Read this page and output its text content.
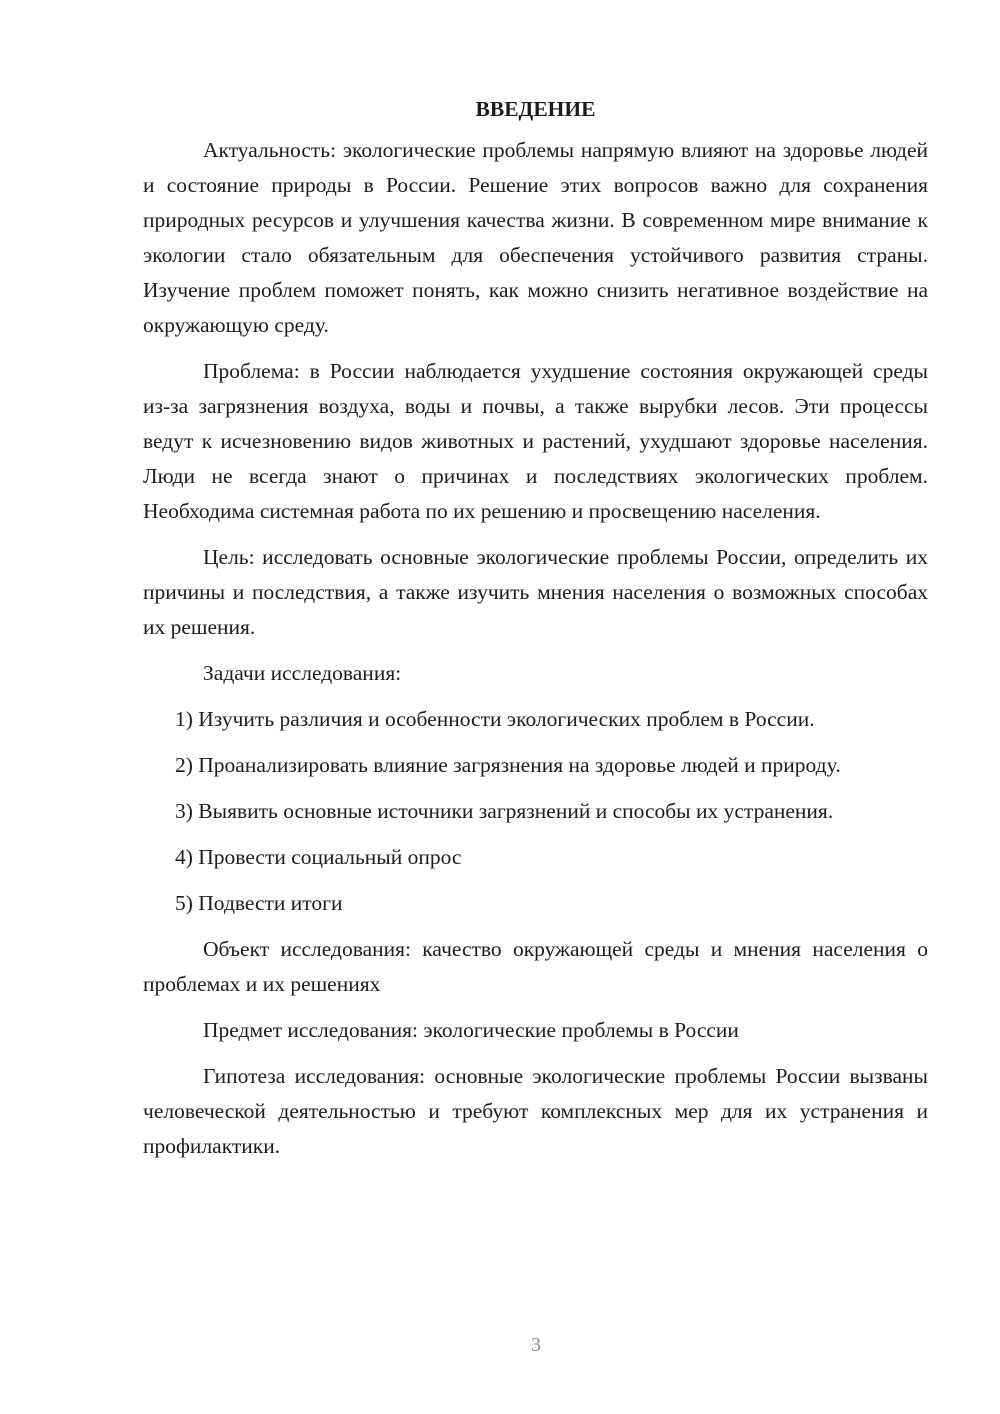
ВВЕДЕНИЕ

Актуальность: экологические проблемы напрямую влияют на здоровье людей и состояние природы в России. Решение этих вопросов важно для сохранения природных ресурсов и улучшения качества жизни. В современном мире внимание к экологии стало обязательным для обеспечения устойчивого развития страны. Изучение проблем поможет понять, как можно снизить негативное воздействие на окружающую среду.

Проблема: в России наблюдается ухудшение состояния окружающей среды из-за загрязнения воздуха, воды и почвы, а также вырубки лесов. Эти процессы ведут к исчезновению видов животных и растений, ухудшают здоровье населения. Люди не всегда знают о причинах и последствиях экологических проблем. Необходима системная работа по их решению и просвещению населения.

Цель: исследовать основные экологические проблемы России, определить их причины и последствия, а также изучить мнения населения о возможных способах их решения.

Задачи исследования:

1) Изучить различия и особенности экологических проблем в России.

2) Проанализировать влияние загрязнения на здоровье людей и природу.

3) Выявить основные источники загрязнений и способы их устранения.

4) Провести социальный опрос

5) Подвести итоги

Объект исследования: качество окружающей среды и мнения населения о проблемах и их решениях

Предмет исследования: экологические проблемы в России

Гипотеза исследования: основные экологические проблемы России вызваны человеческой деятельностью и требуют комплексных мер для их устранения и профилактики.

3
